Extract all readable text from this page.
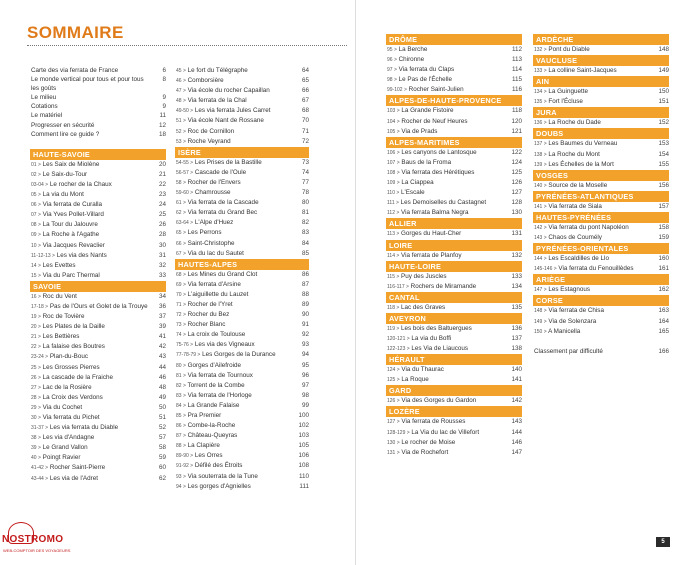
SOMMAIRE
Carte des via ferrata de France	6
Le monde vertical pour tous et pour tous les goûts
8
Le milieu	9
Cotations	9
Le matériel	11
Progresser en sécurité	12
Comment lire ce guide ?	18
HAUTE-SAVOIE
01 > Les Saix de Miolène	20
02 > Le Saix-du-Tour	21
03-04 > Le rocher de la Chaux	22
05 > La via du Mont	23
06 > Via ferrata de Curalla	24
07 > Via Yves Pollet-Villard	25
08 > La Tour du Jalouvre	26
09 > La Roche à l'Agathe	28
10 > Via Jacques Revaclier	30
11-12-13 > Les via des Nants	31
14 > Les Evettes	32
15 > Via du Parc Thermal	33
SAVOIE
16 > Roc du Vent	34
17-18 > Pas de l'Ours et Golet de la Trouye	36
19 > Roc de Tovière	37
20 > Les Plates de la Daille	39
21 > Les Bettières	41
22 > La falaise des Boutres	42
23-24 > Plan-du-Bouc	43
25 > Les Grosses Pierres	44
26 > La cascade de la Fraiche	46
27 > Lac de la Rosière	48
28 > La Croix des Verdons	49
29 > Via du Cochet	50
30 > Via ferrata du Pichet	51
31-37 > Les via ferrata du Diable	52
38 > Les via d'Andagne	57
39 > Le Grand Vallon	58
40 > Poingt Ravier	59
41-42 > Rocher Saint-Pierre	60
43-44 > Les via de l'Adret	62
45 > Le fort du Télégraphe	64
46 > Comborsière	65
47 > Via école du rocher Capaillan	66
48 > Via ferrata de la Chal	67
49-50 > Les via ferrata Jules Carret	68
51 > Via école Nant de Rossane	70
52 > Roc de Cornillon	71
53 > Roche Veyrand	72
ISÈRE
54-55 > Les Prises de la Bastille	73
56-57 > Cascade de l'Oule	74
58 > Rocher de l'Envers	77
59-60 > Chamrousse	78
61 > Via ferrata de la Cascade	80
62 > Via ferrata du Grand Bec	81
63-64 > L'Alpe d'Huez	82
65 > Les Perrons	83
66 > Saint-Christophe	84
67 > Via du lac du Sautet	85
HAUTES-ALPES
68 > Les Mines du Grand Clot	86
69 > Via ferrata d'Arsine	87
70 > L'aiguillette du Lauzet	88
71 > Rocher de l'Yret	89
72 > Rocher du Bez	90
73 > Rocher Blanc	91
74 > La croix de Toulouse	92
75-76 > Les via des Vigneaux	93
77-78-79 > Les Gorges de la Durance	94
80 > Gorges d'Ailefroide	95
81 > Via ferrata de Tournoux	96
82 > Torrent de la Combe	97
83 > Via ferrata de l'Horloge	98
84 > La Grande Falaise	99
85 > Pra Premier	100
86 > Combe-la-Roche	102
87 > Château-Queyras	103
88 > La Clapière	105
89-90 > Les Orres	106
91-92 > Défilé des Étroits	108
93 > Via souterrata de la Tune	110
94 > Les gorges d'Agnielles	111
DRÔME
95 > La Berche	112
96 > Chironne	113
97 > Via ferrata du Claps	114
98 > Le Pas de l'Échelle	115
99-102 > Rocher Saint-Julien	116
ALPES-DE-HAUTE-PROVENCE
103 > La Grande Fistoire	118
104 > Rocher de Neuf Heures	120
105 > Via de Prads	121
ALPES-MARITIMES
106 > Les canyons de Lantosque	122
107 > Baus de la Froma	124
108 > Via ferrata des Hérétiques	125
109 > La Ciappea	126
110 > L'Escale	127
111 > Les Demoiselles du Castagnet	128
112 > Via ferrata Balma Negra	130
ALLIER
113 > Gorges du Haut-Cher	131
LOIRE
114 > Via ferrata de Planfoy	132
HAUTE-LOIRE
115 > Puy des Juscles	133
116-117 > Rochers de Miramande	134
CANTAL
118 > Lac des Graves	135
AVEYRON
119 > Les bois des Baltuergues	136
120-121 > La via du Boffi	137
122-123 > Les Via de Liaucous	138
HÉRAULT
124 > Via du Thaurac	140
125 > La Roque	141
GARD
126 > Via des Gorges du Gardon	142
LOZÈRE
127 > Via ferrata de Rousses	143
128-129 > La Via du lac de Villefort	144
130 > Le rocher de Moise	146
131 > Via de Rochefort	147
ARDÈCHE
132 > Pont du Diable	148
VAUCLUSE
133 > La colline Saint-Jacques	149
AIN
134 > La Guinguette	150
135 > Fort l'Écluse	151
JURA
136 > La Roche du Dade	152
DOUBS
137 > Les Baumes du Verneau	153
138 > La Roche du Mont	154
139 > Les Échelles de la Mort	155
VOSGES
140 > Source de la Moselle	156
PYRÉNÉES-ATLANTIQUES
141 > Via ferrata de Siala	157
HAUTES-PYRÉNÉES
142 > Via ferrata du pont Napoléon	158
143 > Chaos de Coumély	159
PYRÉNÉES-ORIENTALES
144 > Les Escaldilles de Llo	160
145-146 > Via ferrata du Fenouillèdes	161
ARIÈGE
147 > Les Estagnous	162
CORSE
148 > Via ferrata de Chisa	163
149 > Via de Solenzara	164
150 > A Manicella	165
Classement par difficulté	166
NOSTROMO
WEB-COMPTOIR DES VOYAGEURS
5
